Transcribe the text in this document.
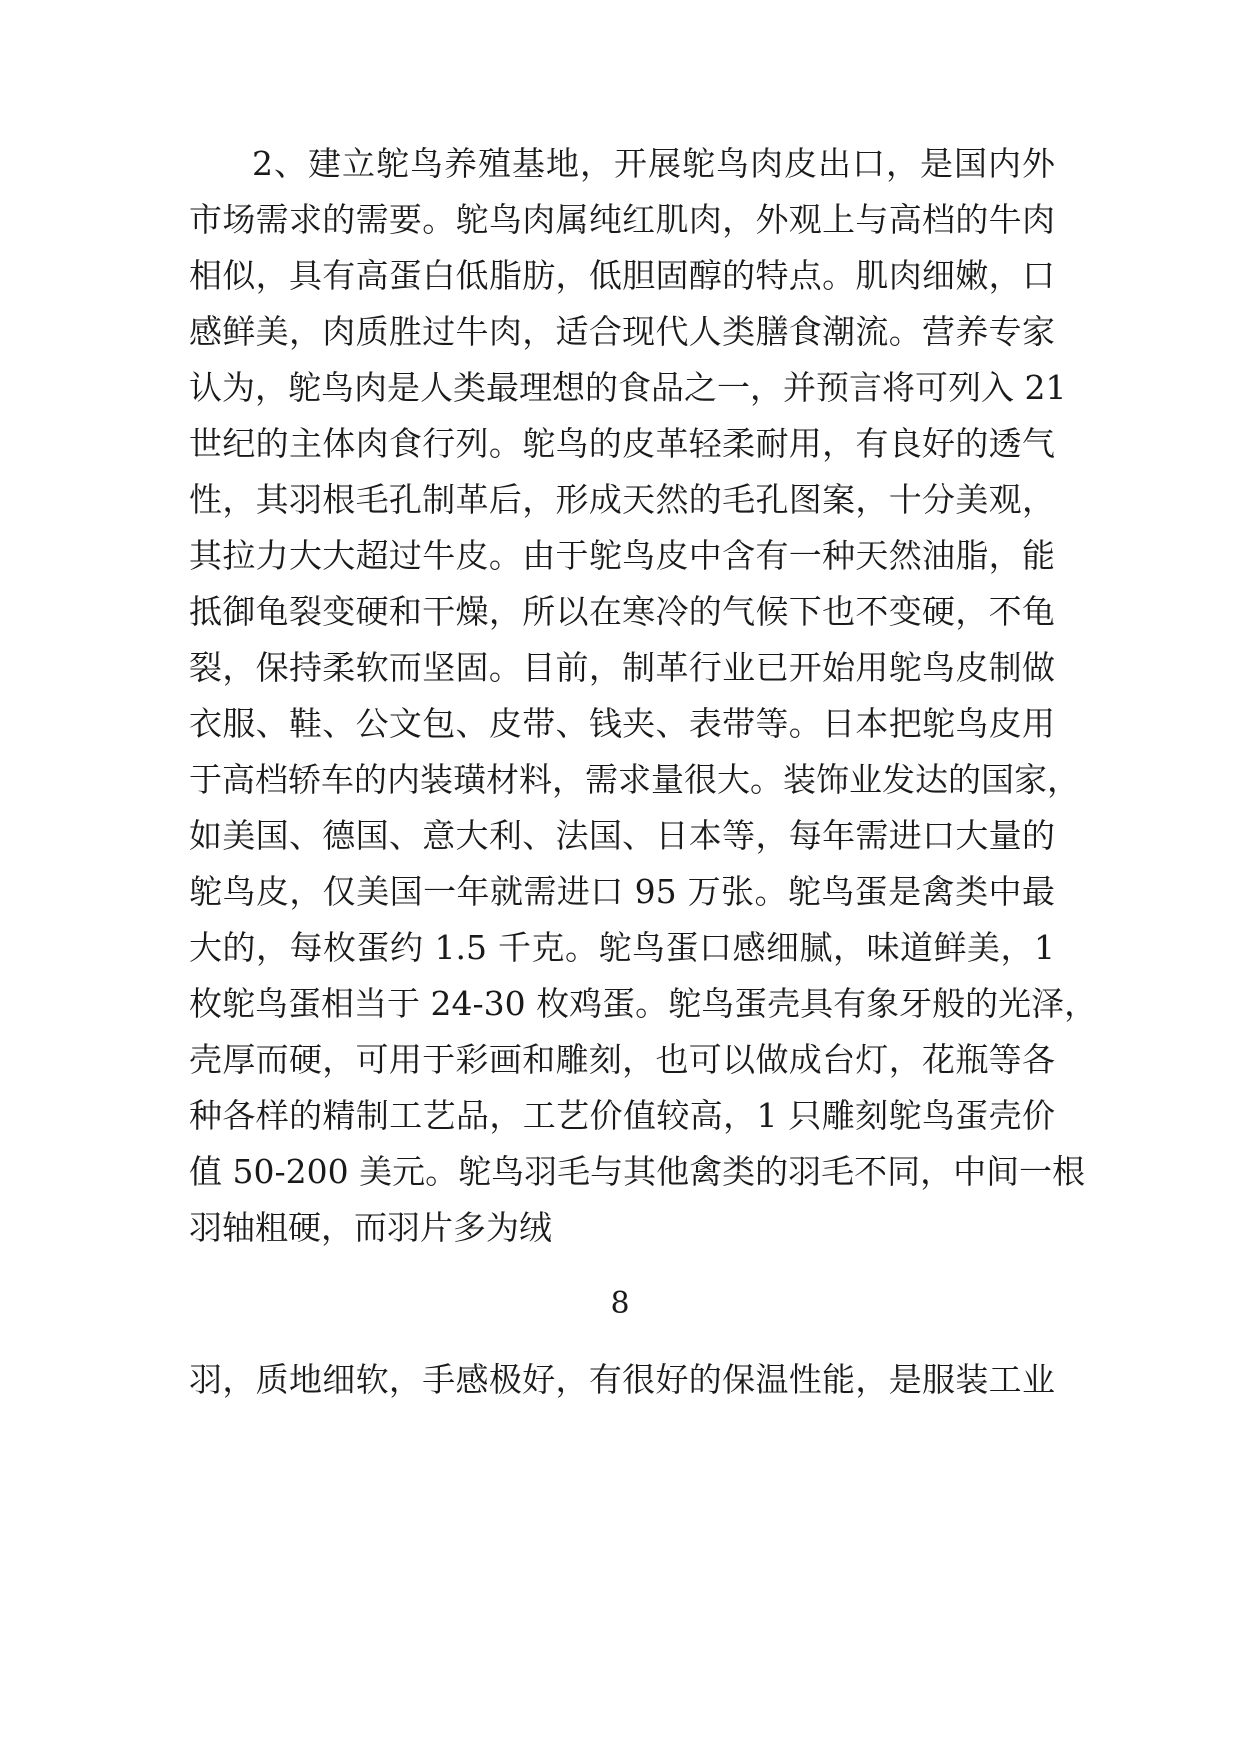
2、建立鸵鸟养殖基地，开展鸵鸟肉皮出口，是国内外
市场需求的需要。鸵鸟肉属纯红肌肉，外观上与高档的牛肉
相似，具有高蛋白低脂肪，低胆固醇的特点。肌肉细嫩，口
感鲜美，肉质胜过牛肉，适合现代人类膳食潮流。营养专家
认为，鸵鸟肉是人类最理想的食品之一，并预言将可列入 21
世纪的主体肉食行列。鸵鸟的皮革轻柔耐用，有良好的透气
性，其羽根毛孔制革后，形成天然的毛孔图案，十分美观，
其拉力大大超过牛皮。由于鸵鸟皮中含有一种天然油脂，能
抵御龟裂变硬和干燥，所以在寒冷的气候下也不变硬，不龟
裂，保持柔软而坚固。目前，制革行业已开始用鸵鸟皮制做
衣服、鞋、公文包、皮带、钱夹、表带等。日本把鸵鸟皮用
于高档轿车的内装璜材料，需求量很大。装饰业发达的国家，
如美国、德国、意大利、法国、日本等，每年需进口大量的
鸵鸟皮，仅美国一年就需进口 95 万张。鸵鸟蛋是禽类中最
大的，每枚蛋约 1.5 千克。鸵鸟蛋口感细腻，味道鲜美，1
枚鸵鸟蛋相当于 24-30 枚鸡蛋。鸵鸟蛋壳具有象牙般的光泽，
壳厚而硬，可用于彩画和雕刻，也可以做成台灯，花瓶等各
种各样的精制工艺品，工艺价值较高，1 只雕刻鸵鸟蛋壳价
值 50-200 美元。鸵鸟羽毛与其他禽类的羽毛不同，中间一根
羽轴粗硬，而羽片多为绒
8
羽，质地细软，手感极好，有很好的保温性能，是服装工业
